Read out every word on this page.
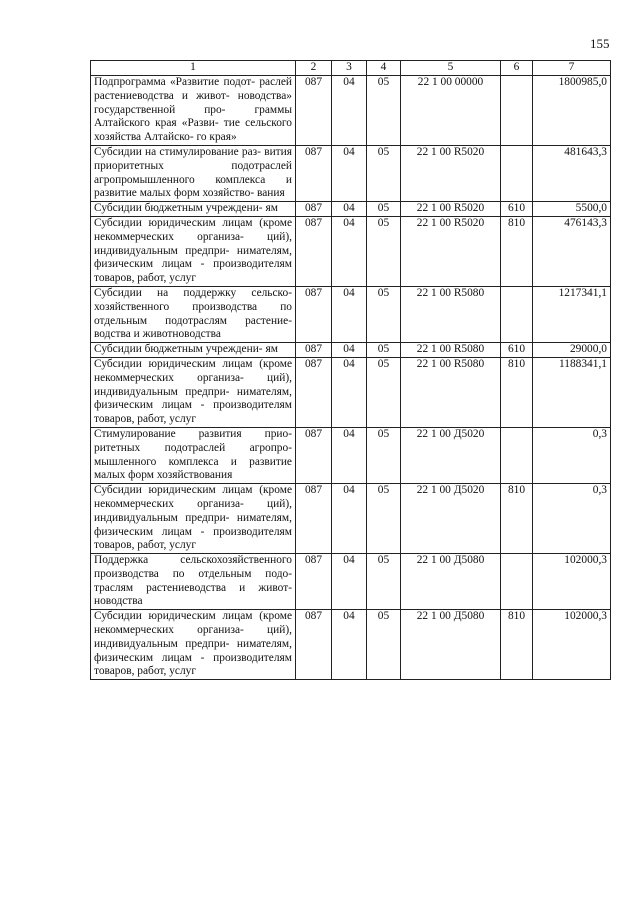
155
1	2	3	4	5	6	7
Подпрограмма «Развитие подот- раслей растениеводства и живот- новодства» государственной про- граммы Алтайского края «Разви- тие сельского хозяйства Алтайско- го края»	087	04	05	22 1 00 00000		1800985,0
Субсидии на стимулирование раз- вития приоритетных подотраслей агропромышленного комплекса и развитие малых форм хозяйство- вания	087	04	05	22 1 00 R5020		481643,3
Субсидии бюджетным учреждени- ям	087	04	05	22 1 00 R5020	610	5500,0
Субсидии юридическим лицам (кроме некоммерческих организа- ций), индивидуальным предпри- нимателям, физическим лицам - производителям товаров, работ, услуг	087	04	05	22 1 00 R5020	810	476143,3
Субсидии на поддержку сельско- хозяйственного производства по отдельным подотраслям растение- водства и животноводства	087	04	05	22 1 00 R5080		1217341,1
Субсидии бюджетным учреждени- ям	087	04	05	22 1 00 R5080	610	29000,0
Субсидии юридическим лицам (кроме некоммерческих организа- ций), индивидуальным предпри- нимателям, физическим лицам - производителям товаров, работ, услуг	087	04	05	22 1 00 R5080	810	1188341,1
Стимулирование развития прио- ритетных подотраслей агропро- мышленного комплекса и развитие малых форм хозяйствования	087	04	05	22 1 00 Д5020		0,3
Субсидии юридическим лицам (кроме некоммерческих организа- ций), индивидуальным предпри- нимателям, физическим лицам - производителям товаров, работ, услуг	087	04	05	22 1 00 Д5020	810	0,3
Поддержка сельскохозяйственного производства по отдельным подо- траслям растениеводства и живот- новодства	087	04	05	22 1 00 Д5080		102000,3
Субсидии юридическим лицам (кроме некоммерческих организа- ций), индивидуальным предпри- нимателям, физическим лицам - производителям товаров, работ, услуг	087	04	05	22 1 00 Д5080	810	102000,3
